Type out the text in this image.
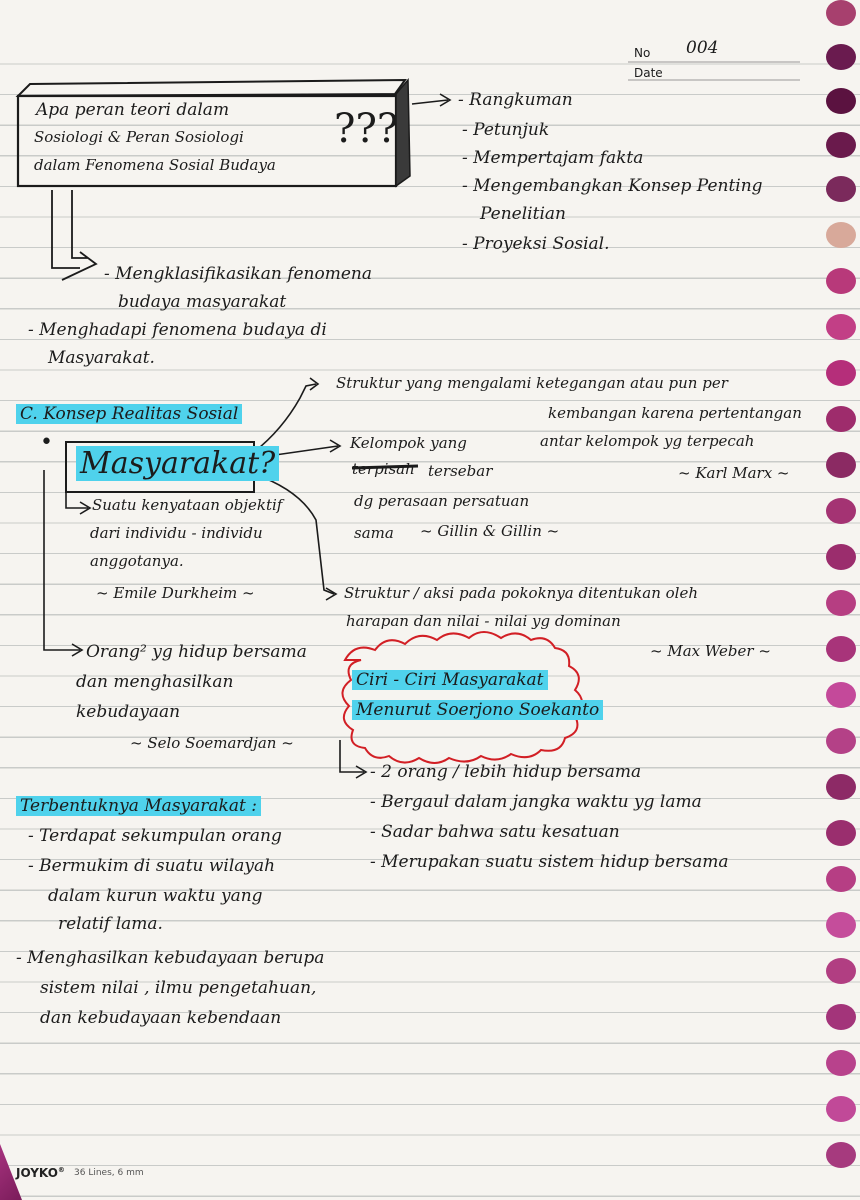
No 004
Date
Apa peran teori dalam
Sosiologi & Peran Sosiologi
dalam Fenomena Sosial Budaya
???
- Rangkuman
- Petunjuk
- Mempertajam fakta
- Mengembangkan Konsep Penting
Penelitian
- Proyeksi Sosial.
- Mengklasifikasikan fenomena
budaya masyarakat
- Menghadapi fenomena budaya di
Masyarakat.
C. Konsep Realitas Sosial
•
Masyarakat?
Suatu kenyataan objektif
dari individu - individu
anggotanya.
~ Emile Durkheim ~
Orang² yg hidup bersama
dan menghasilkan
kebudayaan
~ Selo Soemardjan ~
Struktur yang mengalami ketegangan atau pun per
kembangan karena pertentangan
antar kelompok yg terpecah
~ Karl Marx ~
Kelompok yang
terpisah tersebar
dg perasaan persatuan
sama ~ Gillin & Gillin ~
Struktur / aksi pada pokoknya ditentukan oleh
harapan dan nilai - nilai yg dominan
~ Max Weber ~
Ciri - Ciri Masyarakat
Menurut Soerjono Soekanto
- 2 orang / lebih hidup bersama
- Bergaul dalam jangka waktu yg lama
- Sadar bahwa satu kesatuan
- Merupakan suatu sistem hidup bersama
Terbentuknya Masyarakat :
- Terdapat sekumpulan orang
- Bermukim di suatu wilayah
dalam kurun waktu yang
relatif lama.
- Menghasilkan kebudayaan berupa
sistem nilai , ilmu pengetahuan,
dan kebudayaan kebendaan
JOYKO® 36 Lines, 6 mm
